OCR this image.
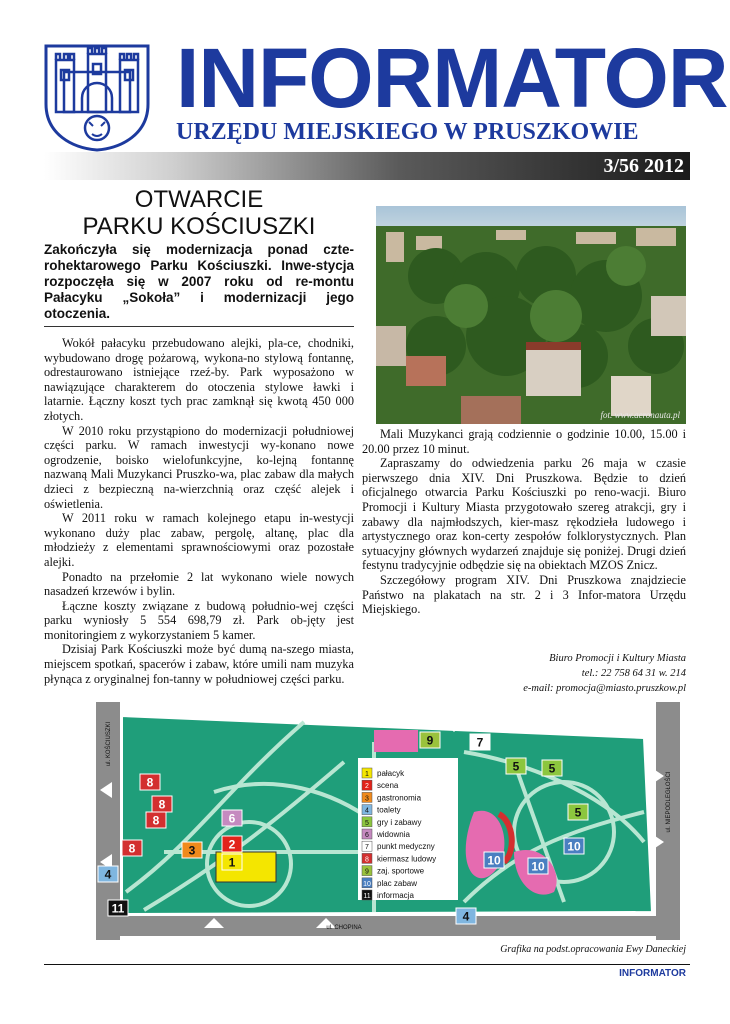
INFORMATOR
URZĘDU MIEJSKIEGO W PRUSZKOWIE
3/56 2012
OTWARCIE
PARKU KOŚCIUSZKI
Zakończyła się modernizacja ponad czte-rohektarowego Parku Kościuszki. Inwe-stycja rozpoczęła się w 2007 roku od re-montu Pałacyku „Sokoła” i modernizacji jego otoczenia.

Wokół pałacyku przebudowano alejki, pla-ce, chodniki, wybudowano drogę pożarową, wykona-no stylową fontannę, odrestaurowano istniejące rzeź-by. Park wyposażono w nawiązujące charakterem do otoczenia stylowe ławki i latarnie. Łączny koszt tych prac zamknął się kwotą 450 000 złotych.

W 2010 roku przystąpiono do modernizacji południowej części parku. W ramach inwestycji wy-konano nowe ogrodzenie, boisko wielofunkcyjne, ko-lejną fontannę nazwaną Mali Muzykanci Pruszko-wa, plac zabaw dla małych dzieci z bezpieczną na-wierzchnią oraz część alejek i oświetlenia.

W 2011 roku w ramach kolejnego etapu in-westycji wykonano duży plac zabaw, pergolę, altanę, plac dla młodzieży z elementami sprawnościowymi oraz pozostałe alejki.

Ponadto na przełomie 2 lat wykonano wiele nowych nasadzeń krzewów i bylin.

Łączne koszty związane z budową południo-wej części parku wyniosły 5 554 698,79 zł. Park ob-jęty jest monitoringiem z wykorzystaniem 5 kamer.

Dzisiaj Park Kościuszki może być dumą na-szego miasta, miejscem spotkań, spacerów i zabaw, które umili nam muzyka płynąca z oryginalnej fon-tanny w południowej części parku.

fot. www.aeronauta.pl

Mali Muzykanci grają codziennie o godzinie 10.00, 15.00 i 20.00 przez 10 minut.

Zapraszamy do odwiedzenia parku 26 maja w czasie pierwszego dnia XIV. Dni Pruszkowa. Będzie to dzień oficjalnego otwarcia Parku Kościuszki po reno-wacji. Biuro Promocji i Kultury Miasta przygotowało szereg atrakcji, gry i zabawy dla najmłodszych, kier-masz rękodzieła ludowego i artystycznego oraz kon-certy zespołów folklorystycznych. Plan sytuacyjny głównych wydarzeń znajduje się poniżej. Drugi dzień festynu tradycyjnie odbędzie się na obiektach MZOS Znicz.

Szczegółowy program XIV. Dni Pruszkowa znajdziecie Państwo na plakatach na str. 2 i 3 Infor-matora Urzędu Miejskiego.

Biuro Promocji i Kultury Miasta
tel.: 22 758 64 31 w. 214
e-mail: promocja@miasto.pruszkow.pl
ul. KOŚCIUSZKI
ul. NIEPODLEGŁOŚCI
ul. CHOPINA
1 pałacyk
2 scena
3 gastronomia
4 toalety
5 gry i zabawy
6 widownia
7 punkt medyczny
8 kiermasz ludowy
9 zaj. sportowe
10 plac zabaw
11 informacja
8
8
8
8
6
2
3
1
4
4
11
9	7
5 5
5
10
10	10
Grafika na podst.opracowania Ewy Daneckiej
INFORMATOR
